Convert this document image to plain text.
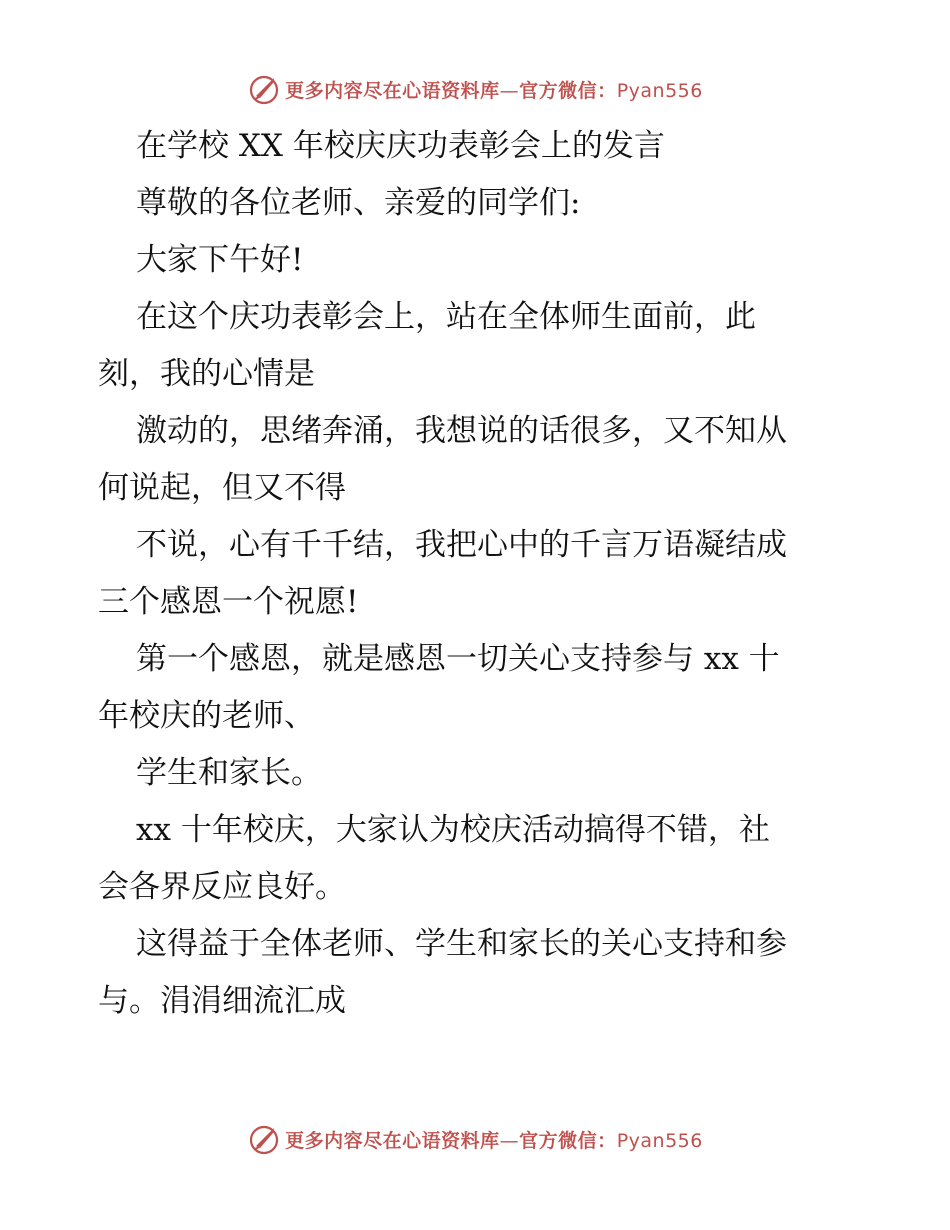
更多内容尽在心语资料库—官方微信：Pyan556
在学校 XX 年校庆庆功表彰会上的发言
尊敬的各位老师、亲爱的同学们:
大家下午好!
在这个庆功表彰会上，站在全体师生面前，此
刻，我的心情是
激动的，思绪奔涌，我想说的话很多，又不知从
何说起，但又不得
不说，心有千千结，我把心中的千言万语凝结成
三个感恩一个祝愿!
第一个感恩，就是感恩一切关心支持参与 xx 十
年校庆的老师、
学生和家长。
xx 十年校庆，大家认为校庆活动搞得不错，社
会各界反应良好。
这得益于全体老师、学生和家长的关心支持和参
与。涓涓细流汇成
更多内容尽在心语资料库—官方微信：Pyan556
